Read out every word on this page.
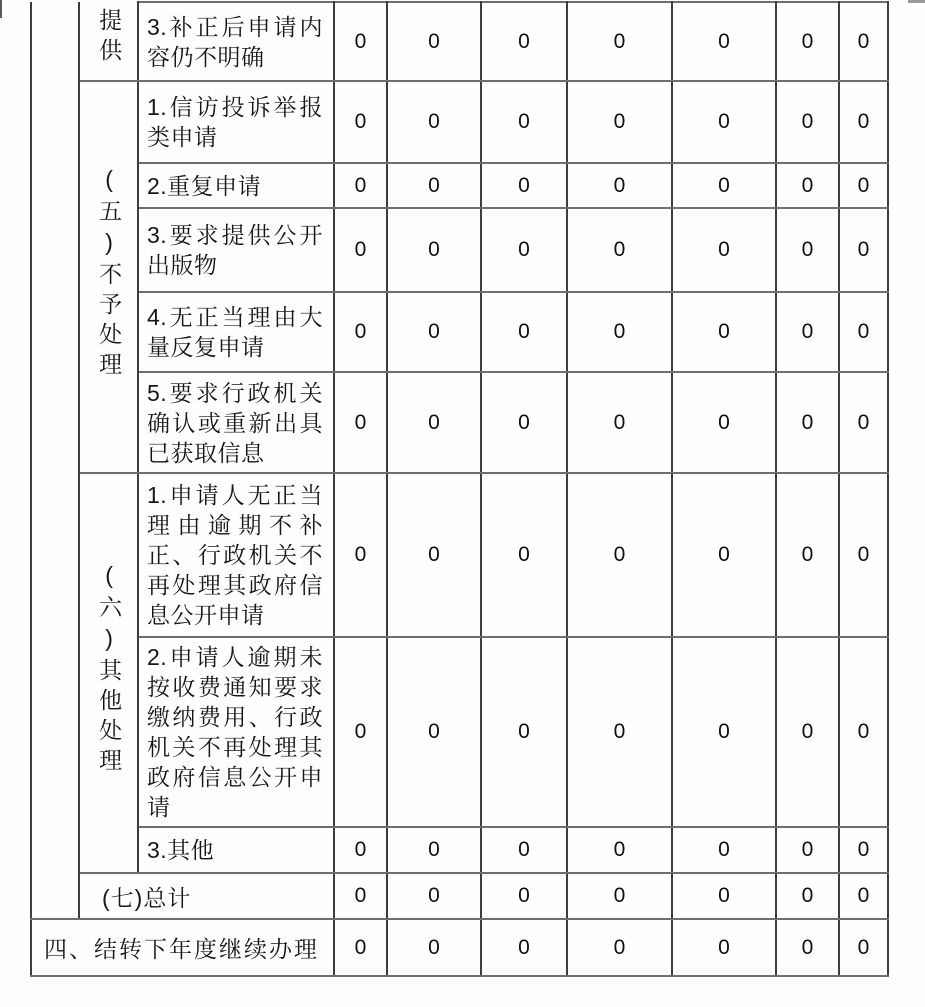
	提供	3.补正后申请内容仍不明确	0	0	0	0	0	0	0
	(五)不予处理	1.信访投诉举报类申请	0	0	0	0	0	0	0
		2.重复申请	0	0	0	0	0	0	0
		3.要求提供公开出版物	0	0	0	0	0	0	0
		4.无正当理由大量反复申请	0	0	0	0	0	0	0
		5.要求行政机关确认或重新出具已获取信息	0	0	0	0	0	0	0
	(六)其他处理	1.申请人无正当理由逾期不补正、行政机关不再处理其政府信息公开申请	0	0	0	0	0	0	0
		2.申请人逾期未按收费通知要求缴纳费用、行政机关不再处理其政府信息公开申请	0	0	0	0	0	0	0
		3.其他	0	0	0	0	0	0	0
	(七)总计		0	0	0	0	0	0	0
四、结转下年度继续办理			0	0	0	0	0	0	0
